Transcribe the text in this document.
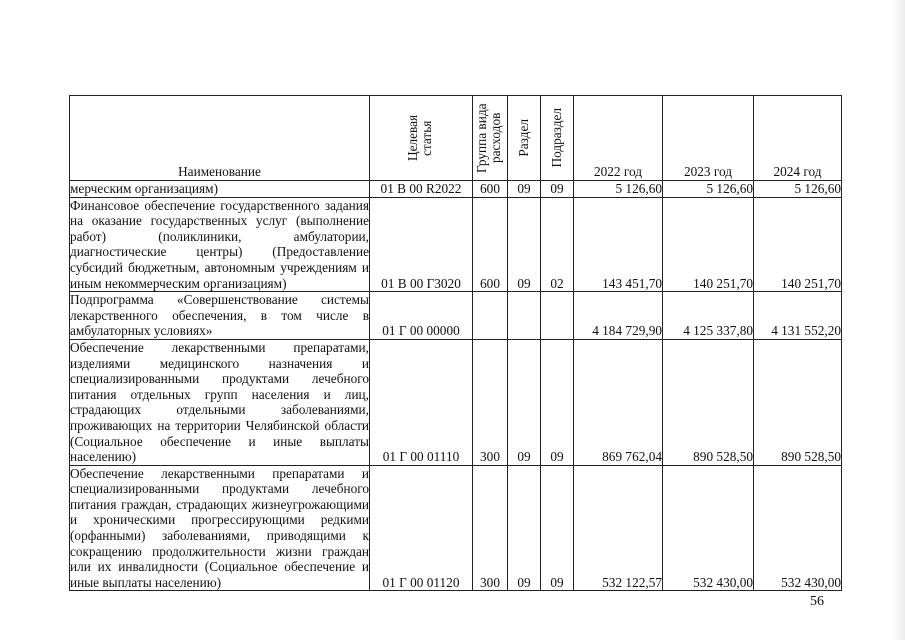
Наименование	Целевая статья	Группа вида расходов	Раздел	Подраздел	2022 год	2023 год	2024 год
мерческим организациям)	01 В 00 R2022	600	09	09	5 126,60	5 126,60	5 126,60
Финансовое обеспечение государственного задания на оказание государственных услуг (выполнение работ) (поликлиники, амбулатории, диагностические центры) (Предоставление субсидий бюджетным, автономным учреждениям и иным некоммерческим организациям)	01 В 00 Г3020	600	09	02	143 451,70	140 251,70	140 251,70
Подпрограмма «Совершенствование системы лекарственного обеспечения, в том числе в амбулаторных условиях»	01 Г 00 00000				4 184 729,90	4 125 337,80	4 131 552,20
Обеспечение лекарственными препаратами, изделиями медицинского назначения и специализированными продуктами лечебного питания отдельных групп населения и лиц, страдающих отдельными заболеваниями, проживающих на территории Челябинской области (Социальное обеспечение и иные выплаты населению)	01 Г 00 01110	300	09	09	869 762,04	890 528,50	890 528,50
Обеспечение лекарственными препаратами и специализированными продуктами лечебного питания граждан, страдающих жизнеугрожающими и хроническими прогрессирующими редкими (орфанными) заболеваниями, приводящими к сокращению продолжительности жизни граждан или их инвалидности (Социальное обеспечение и иные выплаты населению)	01 Г 00 01120	300	09	09	532 122,57	532 430,00	532 430,00
56
